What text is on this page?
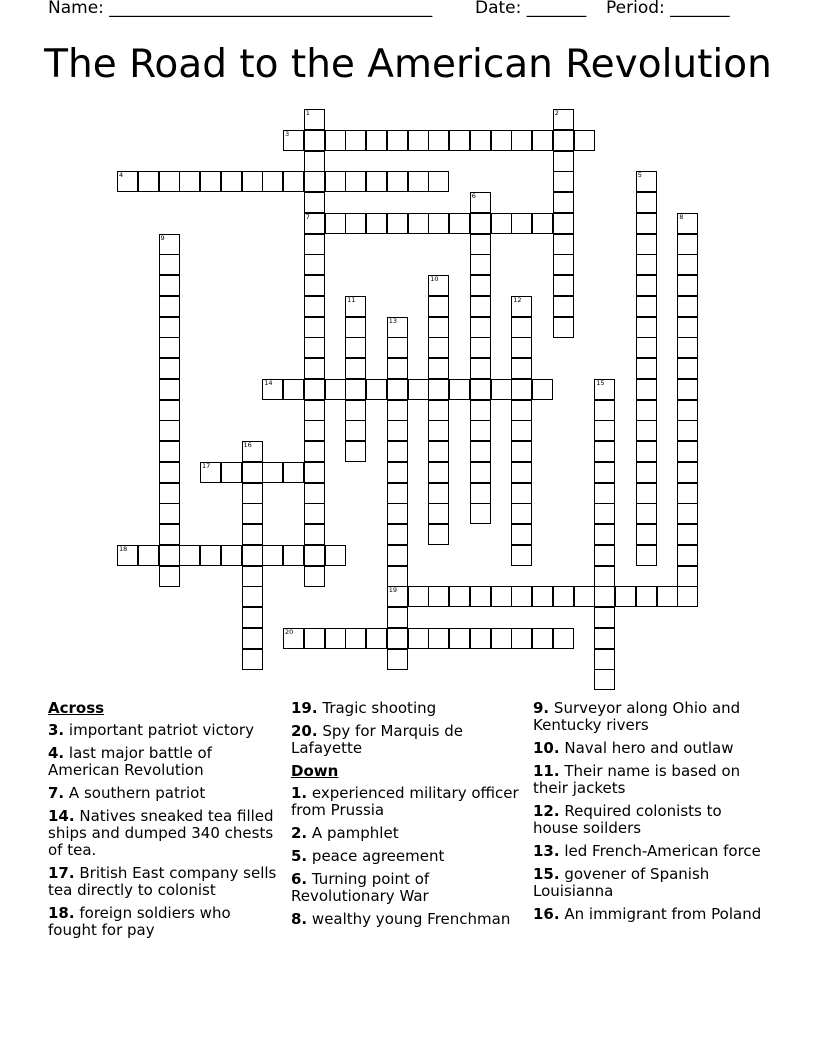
Name: ______________________________________	Date: _______ Period: _______
The Road to the American Revolution
1	2
3
4	5
6
7	8
9
10
11	12
13
14	15
16
17
18
19
20
Across
3. important patriot victory
4. last major battle of American Revolution
7. A southern patriot
14. Natives sneaked tea filled ships and dumped 340 chests of tea.
17. British East company sells tea directly to colonist
18. foreign soldiers who fought for pay
19. Tragic shooting
20. Spy for Marquis de Lafayette
Down
1. experienced military officer from Prussia
2. A pamphlet
5. peace agreement
6. Turning point of Revolutionary War
8. wealthy young Frenchman
9. Surveyor along Ohio and Kentucky rivers
10. Naval hero and outlaw
11. Their name is based on their jackets
12. Required colonists to house soilders
13. led French-American force
15. govener of Spanish Louisianna
16. An immigrant from Poland
